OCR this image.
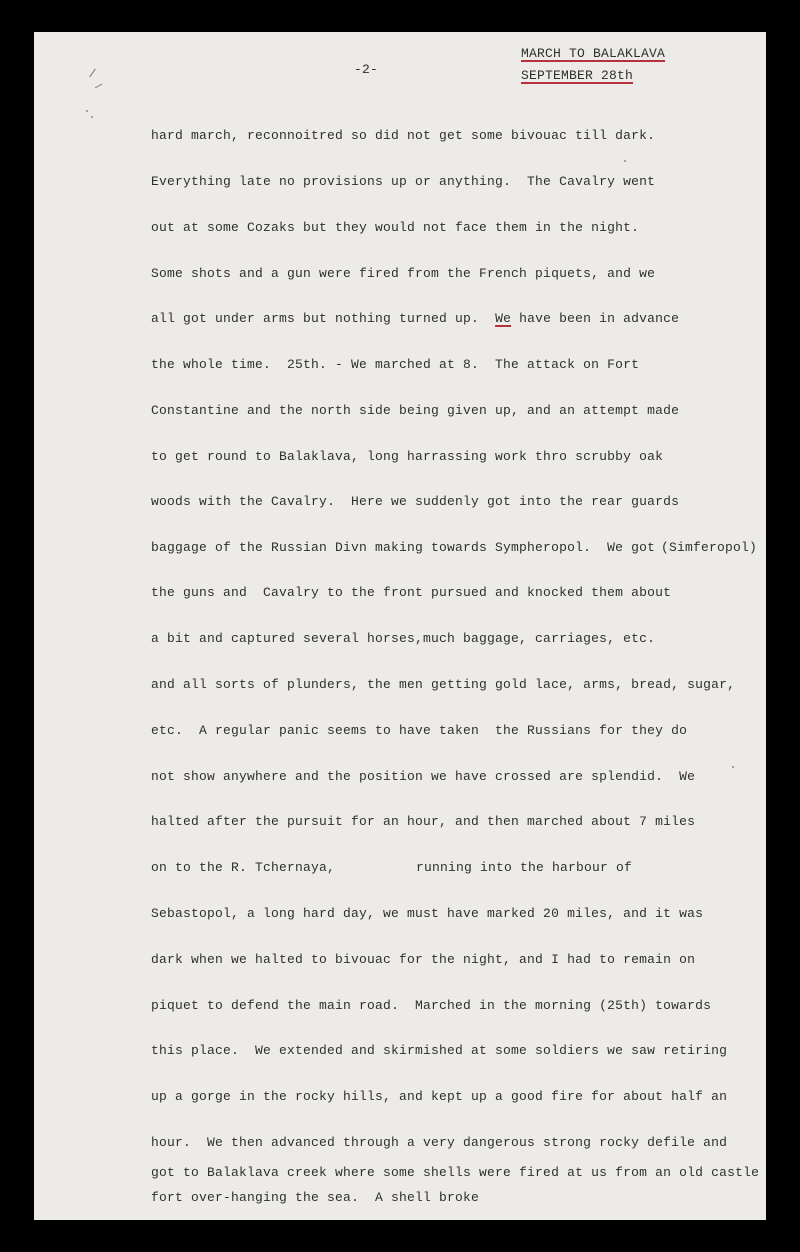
-2-
MARCH TO BALAKLAVA
SEPTEMBER 28th
hard march, reconnoitred so did not get some bivouac till dark.
Everything late no provisions up or anything.  The Cavalry went
out at some Cozaks but they would not face them in the night.
Some shots and a gun were fired from the French piquets, and we
all got under arms but nothing turned up. We have been in advance
the whole time.  25th. - We marched at 8.  The attack on Fort
Constantine and the north side being given up, and an attempt made
to get round to Balaklava, long harrassing work thro scrubby oak
woods with the Cavalry.  Here we suddenly got into the rear guards
baggage of the Russian Divn making towards Sympheropol.  We got (Simferopol)
the guns and  Cavalry to the front pursued and knocked them about
a bit and captured several horses,much baggage, carriages, etc.
and all sorts of plunders, the men getting gold lace, arms, bread, sugar,
etc.  A regular panic seems to have taken  the Russians for they do
not show anywhere and the position we have crossed are splendid.  We
halted after the pursuit for an hour, and then marched about 7 miles
on to the R. Tchernaya,	running into the harbour of
Sebastopol, a long hard day, we must have marked 20 miles, and it was
dark when we halted to bivouac for the night, and I had to remain on
piquet to defend the main road.  Marched in the morning (25th) towards
this place.  We extended and skirmished at some soldiers we saw retiring
up a gorge in the rocky hills, and kept up a good fire for about half an
hour.  We then advanced through a very dangerous strong rocky defile and
got to Balaklava creek where some shells were fired at us from an old castle
fort over-hanging the sea.  A shell broke
